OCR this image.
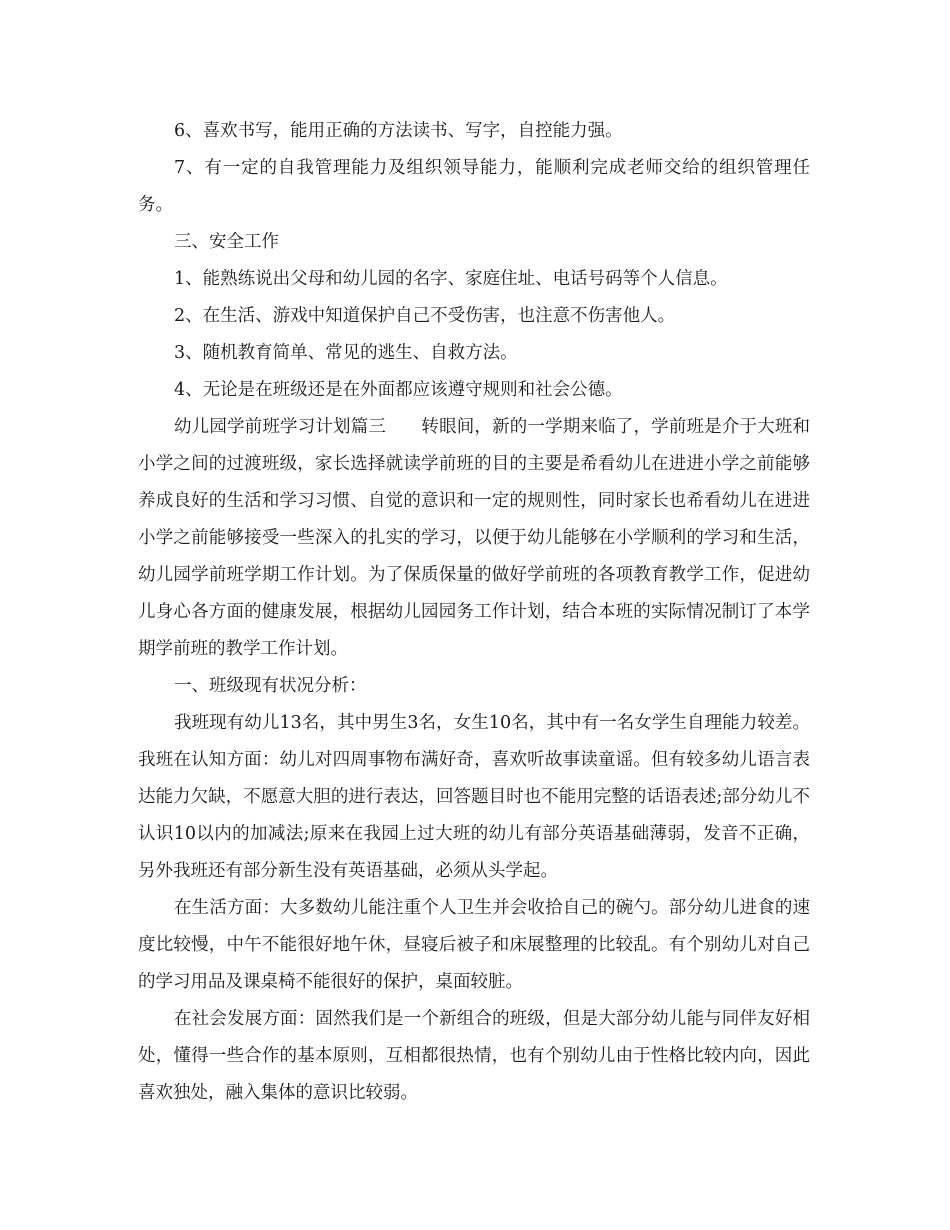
6、喜欢书写，能用正确的方法读书、写字，自控能力强。

7、有一定的自我管理能力及组织领导能力，能顺利完成老师交给的组织管理任务。

三、安全工作

1、能熟练说出父母和幼儿园的名字、家庭住址、电话号码等个人信息。

2、在生活、游戏中知道保护自己不受伤害，也注意不伤害他人。

3、随机教育简单、常见的逃生、自救方法。

4、无论是在班级还是在外面都应该遵守规则和社会公德。

幼儿园学前班学习计划篇三　　转眼间，新的一学期来临了，学前班是介于大班和小学之间的过渡班级，家长选择就读学前班的目的主要是希看幼儿在进进小学之前能够养成良好的生活和学习习惯、自觉的意识和一定的规则性，同时家长也希看幼儿在进进小学之前能够接受一些深入的扎实的学习，以便于幼儿能够在小学顺利的学习和生活，幼儿园学前班学期工作计划。为了保质保量的做好学前班的各项教育教学工作，促进幼儿身心各方面的健康发展，根据幼儿园园务工作计划，结合本班的实际情况制订了本学期学前班的教学工作计划。

一、班级现有状况分析：

我班现有幼儿13名，其中男生3名，女生10名，其中有一名女学生自理能力较差。我班在认知方面：幼儿对四周事物布满好奇，喜欢听故事读童谣。但有较多幼儿语言表达能力欠缺，不愿意大胆的进行表达，回答题目时也不能用完整的话语表述;部分幼儿不认识10以内的加减法;原来在我园上过大班的幼儿有部分英语基础薄弱，发音不正确，另外我班还有部分新生没有英语基础，必须从头学起。

在生活方面：大多数幼儿能注重个人卫生并会收拾自己的碗勺。部分幼儿进食的速度比较慢，中午不能很好地午休，昼寝后被子和床展整理的比较乱。有个别幼儿对自己的学习用品及课桌椅不能很好的保护，桌面较脏。

在社会发展方面：固然我们是一个新组合的班级，但是大部分幼儿能与同伴友好相处，懂得一些合作的基本原则，互相都很热情，也有个别幼儿由于性格比较内向，因此喜欢独处，融入集体的意识比较弱。
